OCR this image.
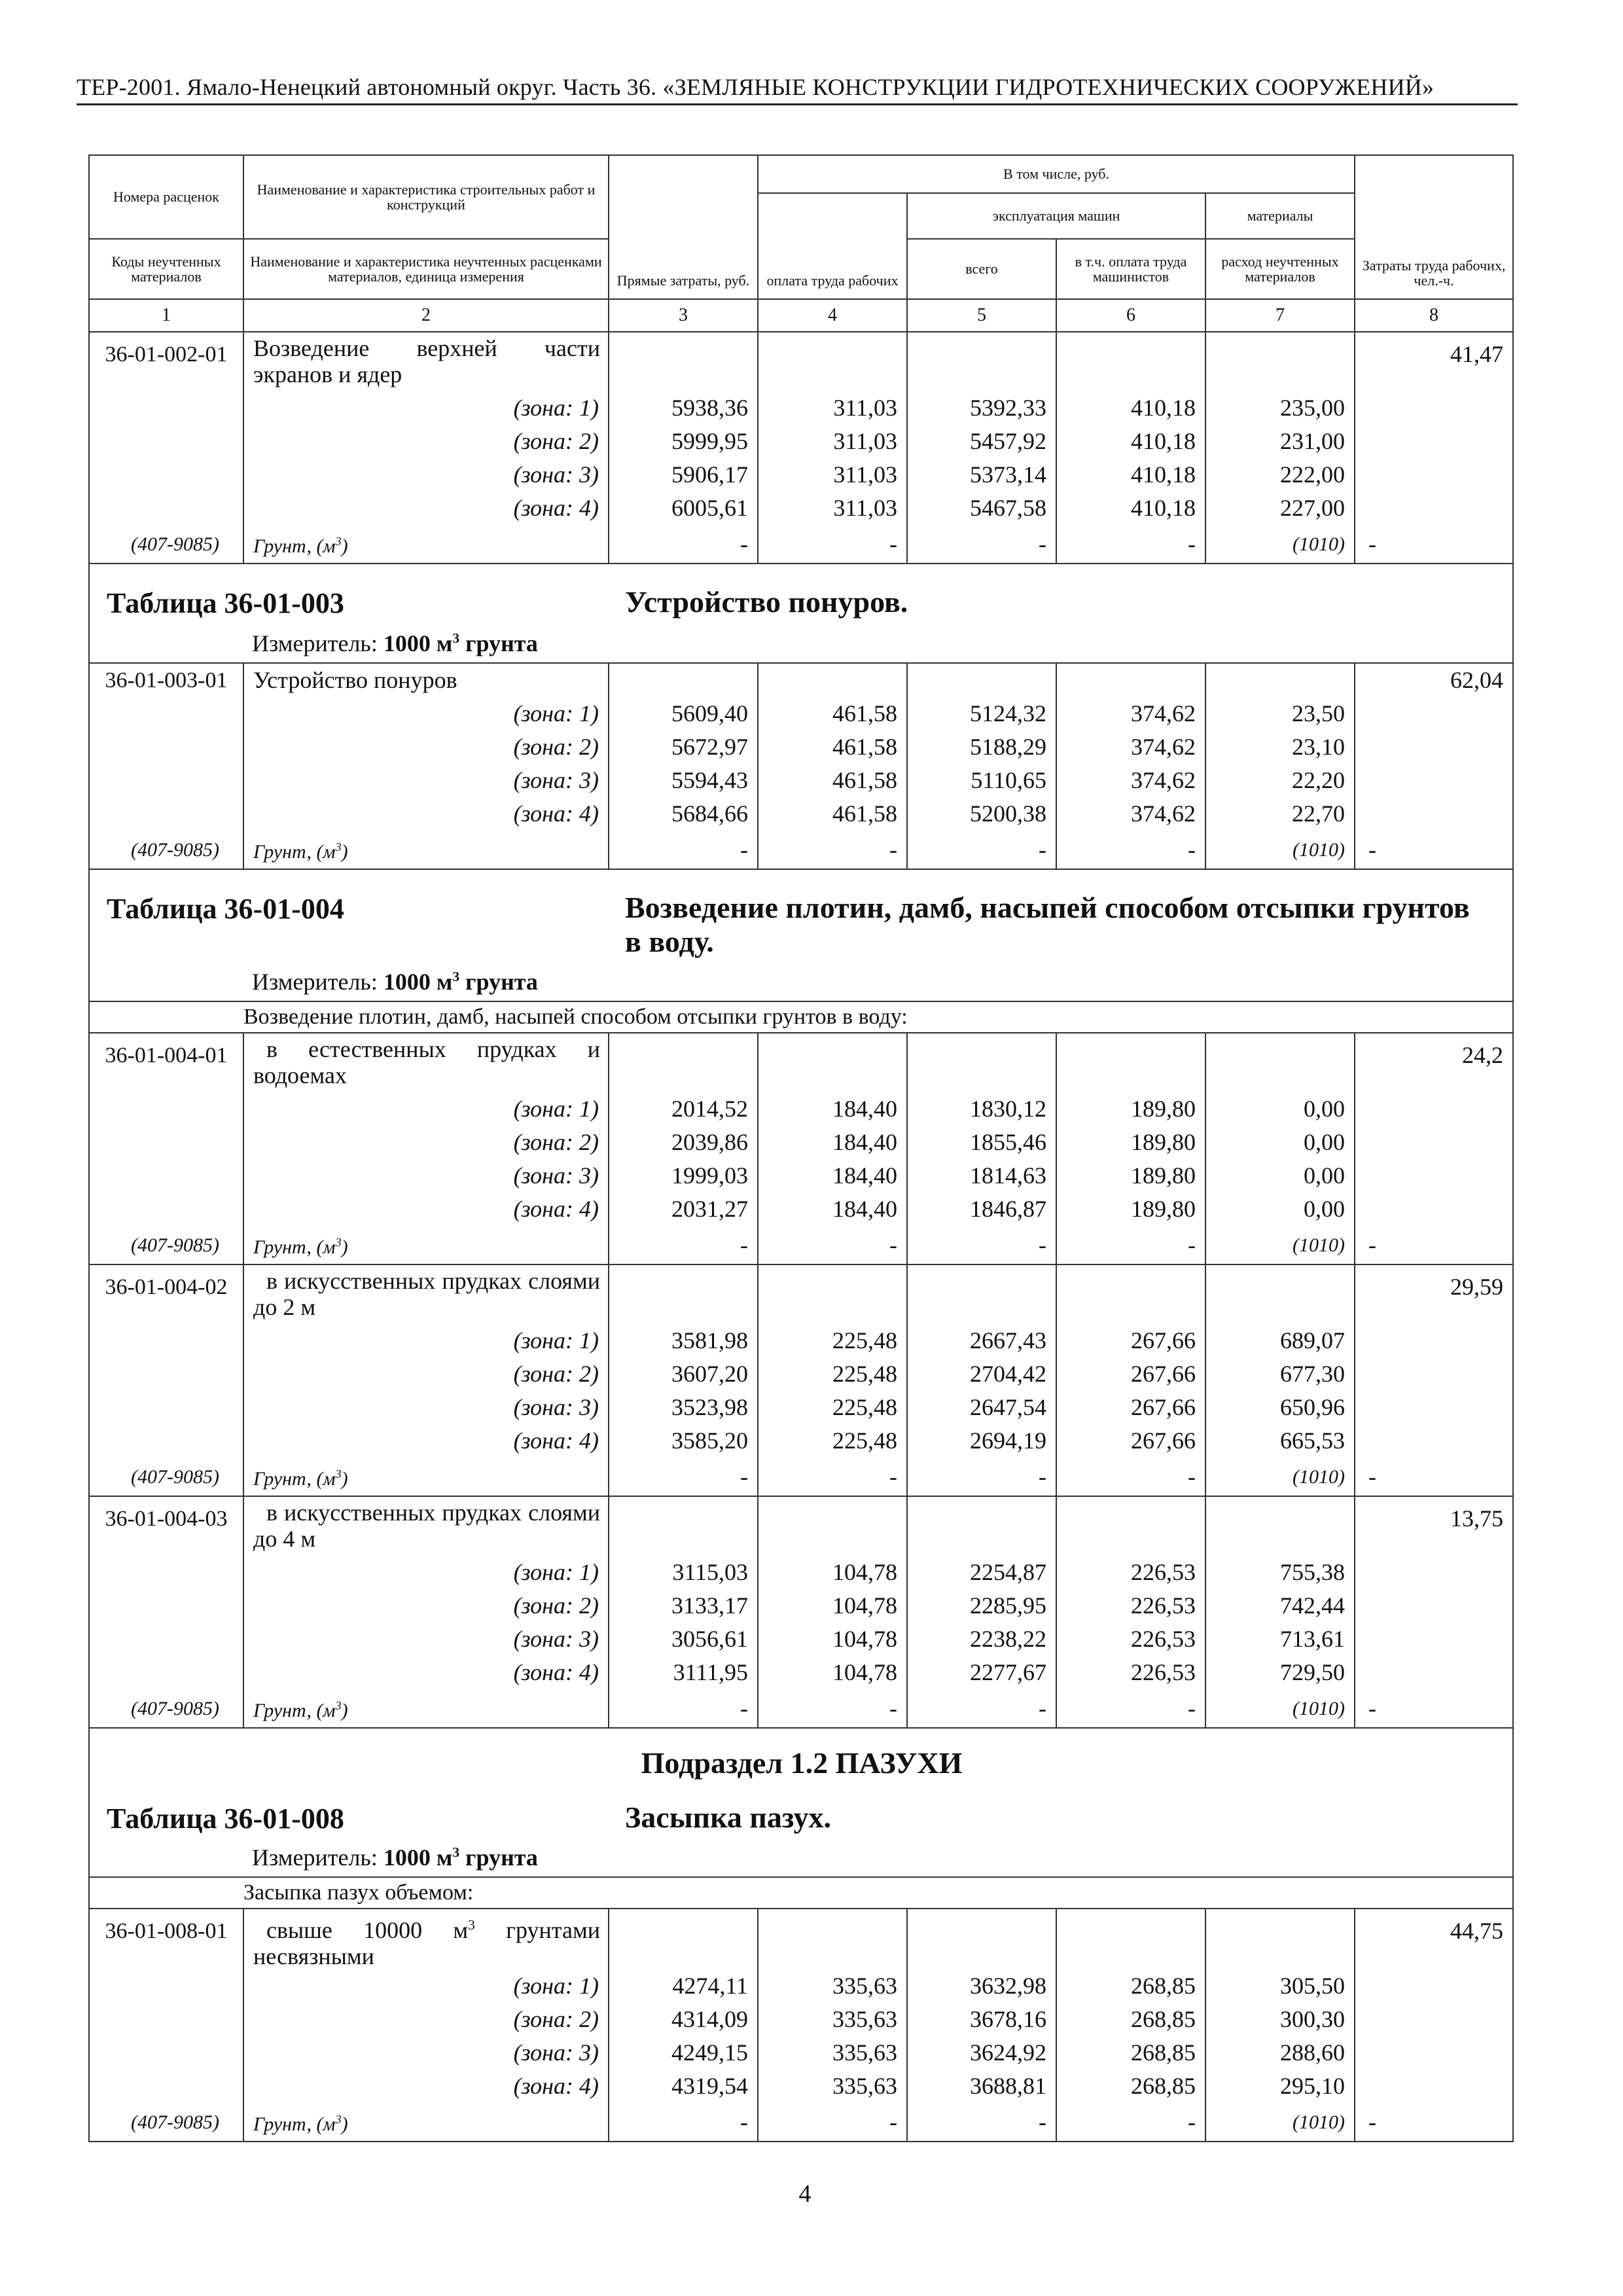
ТЕР-2001. Ямало-Ненецкий автономный округ. Часть 36. «ЗЕМЛЯНЫЕ КОНСТРУКЦИИ ГИДРОТЕХНИЧЕСКИХ СООРУЖЕНИЙ»
Номера расценок	Наименование и характеристика строительных работ и конструкций	Прямые затраты, руб.	В том числе, руб.				Затраты труда рабочих, чел.-ч.
			оплата труда рабочих	эксплуатация машин		материалы	

Коды неучтенных материалов	Наименование и характеристика неучтенных расценками материалов, единица измерения			всего	в т.ч. оплата труда машинистов	расход неучтенных материалов	

1	2	3	4	5	6	7	8
36-01-002-01	Возведение верхней части экранов и ядер						41,47
	(зона: 1)	5938,36	311,03	5392,33	410,18	235,00	
	(зона: 2)	5999,95	311,03	5457,92	410,18	231,00	
	(зона: 3)	5906,17	311,03	5373,14	410,18	222,00	
	(зона: 4)	6005,61	311,03	5467,58	410,18	227,00	
(407-9085)	Грунт, $(м^3)$	-	-	-	-	(1010)	-

Таблица 36-01-003 Устройство понуров.
Измеритель: 1000 $м^3$ грунта							

36-01-003-01	Устройство понуров						62,04
	(зона: 1)	5609,40	461,58	5124,32	374,62	23,50	
	(зона: 2)	5672,97	461,58	5188,29	374,62	23,10	
	(зона: 3)	5594,43	461,58	5110,65	374,62	22,20	
	(зона: 4)	5684,66	461,58	5200,38	374,62	22,70	
(407-9085)	Грунт, $(м^3)$	-	-	-	-	(1010)	-

Таблица 36-01-004 Возведение плотин, дамб, насыпей способом отсыпки грунтов в воду.
Измеритель: 1000 $м^3$ грунта							

	Возведение плотин, дамб, насыпей способом отсыпки грунтов в воду:						
36-01-004-01	в естественных прудках и водоемах						24,2
	(зона: 1)	2014,52	184,40	1830,12	189,80	0,00	
	(зона: 2)	2039,86	184,40	1855,46	189,80	0,00	
	(зона: 3)	1999,03	184,40	1814,63	189,80	0,00	
	(зона: 4)	2031,27	184,40	1846,87	189,80	0,00	
(407-9085)	Грунт, $(м^3)$	-	-	-	-	(1010)	-
36-01-004-02	в искусственных прудках слоями до 2 м						29,59
	(зона: 1)	3581,98	225,48	2667,43	267,66	689,07	
	(зона: 2)	3607,20	225,48	2704,42	267,66	677,30	
	(зона: 3)	3523,98	225,48	2647,54	267,66	650,96	
	(зона: 4)	3585,20	225,48	2694,19	267,66	665,53	
(407-9085)	Грунт, $(м^3)$	-	-	-	-	(1010)	-
36-01-004-03	в искусственных прудках слоями до 4 м						13,75
	(зона: 1)	3115,03	104,78	2254,87	226,53	755,38	
	(зона: 2)	3133,17	104,78	2285,95	226,53	742,44	
	(зона: 3)	3056,61	104,78	2238,22	226,53	713,61	
	(зона: 4)	3111,95	104,78	2277,67	226,53	729,50	
(407-9085)	Грунт, $(м^3)$	-	-	-	-	(1010)	-

Подраздел 1.2 ПАЗУХИ
Таблица 36-01-008 Засыпка пазух.
Измеритель: 1000 $м^3$ грунта							

	Засыпка пазух объемом:						
36-01-008-01	свыше 10000 $м^3$ грунтами несвязными						44,75
	(зона: 1)	4274,11	335,63	3632,98	268,85	305,50	
	(зона: 2)	4314,09	335,63	3678,16	268,85	300,30	
	(зона: 3)	4249,15	335,63	3624,92	268,85	288,60	
	(зона: 4)	4319,54	335,63	3688,81	268,85	295,10	
(407-9085)	Грунт, $(м^3)$	-	-	-	-	(1010)	-
4
